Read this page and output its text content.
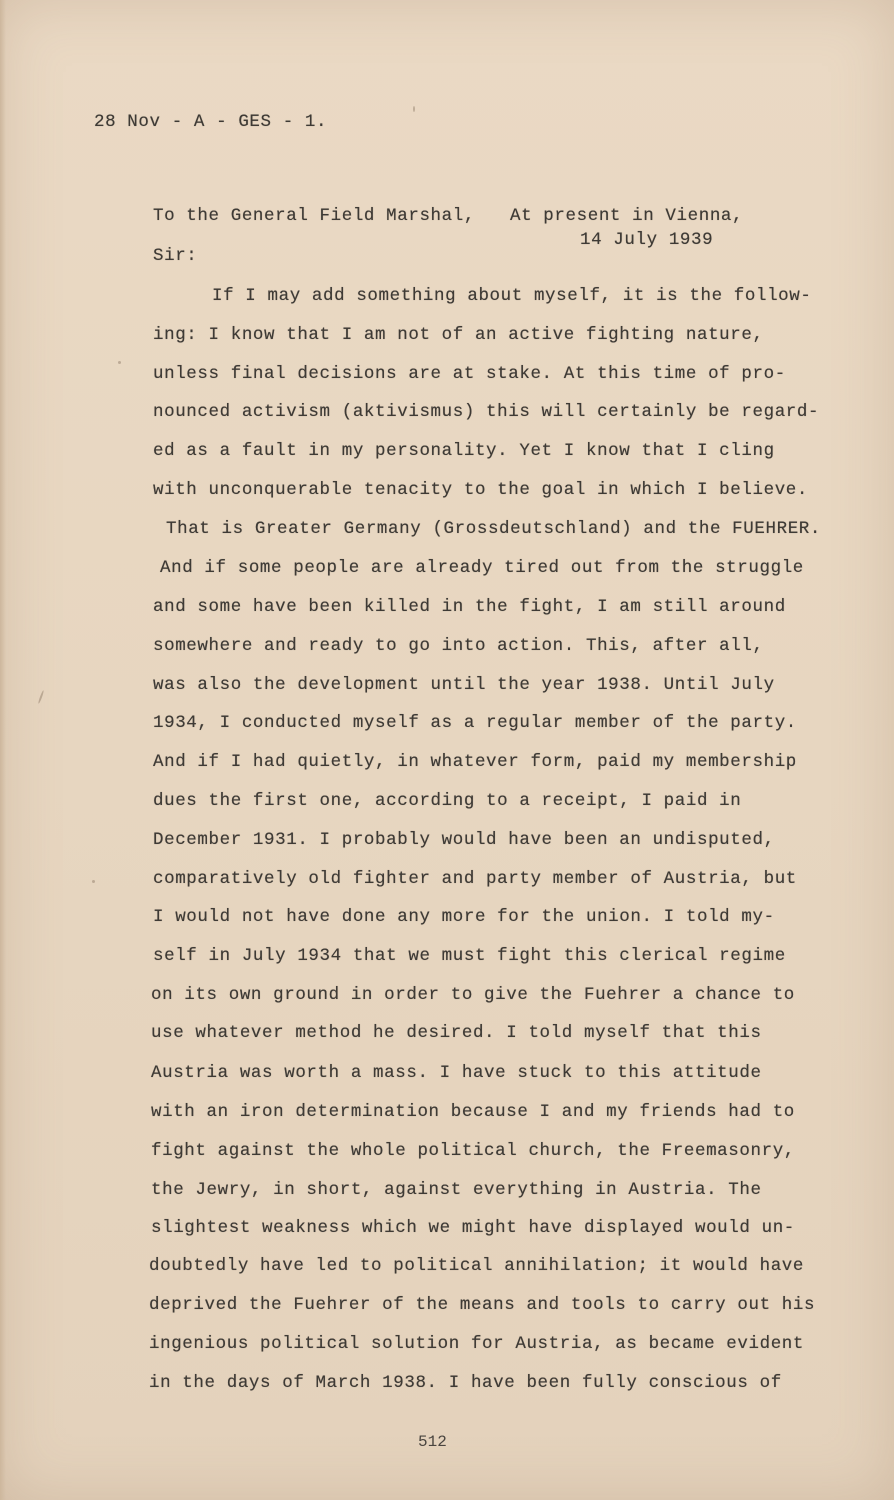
28 Nov - A - GES - 1.
To the General Field Marshal, At present in Vienna,
14 July 1939
Sir:
If I may add something about myself, it is the follow-
ing: I know that I am not of an active fighting nature,
unless final decisions are at stake. At this time of pro-
nounced activism (aktivismus) this will certainly be regard-
ed as a fault in my personality. Yet I know that I cling
with unconquerable tenacity to the goal in which I believe.
That is Greater Germany (Grossdeutschland) and the FUEHRER.
And if some people are already tired out from the struggle
and some have been killed in the fight, I am still around
somewhere and ready to go into action. This, after all,
was also the development until the year 1938. Until July
1934, I conducted myself as a regular member of the party.
And if I had quietly, in whatever form, paid my membership
dues the first one, according to a receipt, I paid in
December 1931. I probably would have been an undisputed,
comparatively old fighter and party member of Austria, but
I would not have done any more for the union. I told my-
self in July 1934 that we must fight this clerical regime
on its own ground in order to give the Fuehrer a chance to
use whatever method he desired. I told myself that this
Austria was worth a mass. I have stuck to this attitude
with an iron determination because I and my friends had to
fight against the whole political church, the Freemasonry,
the Jewry, in short, against everything in Austria. The
slightest weakness which we might have displayed would un-
doubtedly have led to political annihilation; it would have
deprived the Fuehrer of the means and tools to carry out his
ingenious political solution for Austria, as became evident
in the days of March 1938. I have been fully conscious of
512
